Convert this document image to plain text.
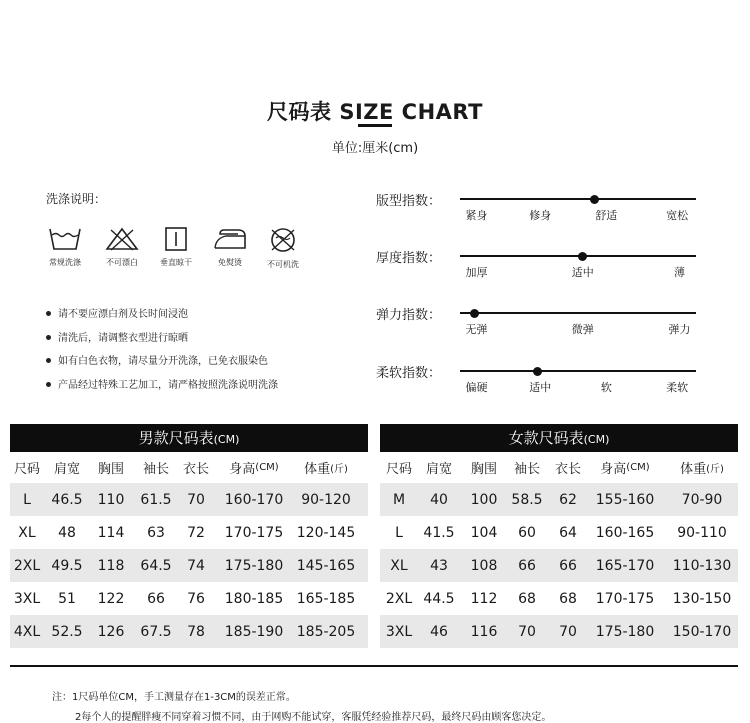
尺码表 SIZE CHART
单位:厘米(cm)
洗涤说明：
常规洗涤	不可漂白	垂直晾干	免熨烫	不可机洗
请不要应漂白剂及长时间浸泡
清洗后，请调整衣型进行晾晒
如有白色衣物，请尽量分开洗涤，已免衣服染色
产品经过特殊工艺加工，请严格按照洗涤说明洗涤
版型指数：
紧身	修身	舒适	宽松
厚度指数：
加厚	适中	薄
弹力指数：
无弹	微弹	弹力
柔软指数：
偏硬	适中	软	柔软
男款尺码表(CM)
尺码 肩宽 胸围 袖长 衣长 身高 (CM) 体重 (斤)
L 46.5 110 61.5 70 160-170 90-120
XL 48 114 63 72 170-175 120-145
2XL 49.5 118 64.5 74 175-180 145-165
3XL 51 122 66 76 180-185 165-185
4XL 52.5 126 67.5 78 185-190 185-205
女款尺码表(CM)
尺码 肩宽 胸围 袖长 衣长 身高 (CM) 体重 (斤)
M 40 100 58.5 62 155-160 70-90
L 41.5 104 60 64 160-165 90-110
XL 43 108 66 66 165-170 110-130
2XL 44.5 112 68 68 170-175 130-150
3XL 46 116 70 70 175-180 150-170
注：1尺码单位CM，手工测量存在1-3CM的误差正常。
2每个人的提醒胖瘦不同穿着习惯不同，由于网购不能试穿，客服凭经验推荐尺码，最终尺码由顾客您决定。
